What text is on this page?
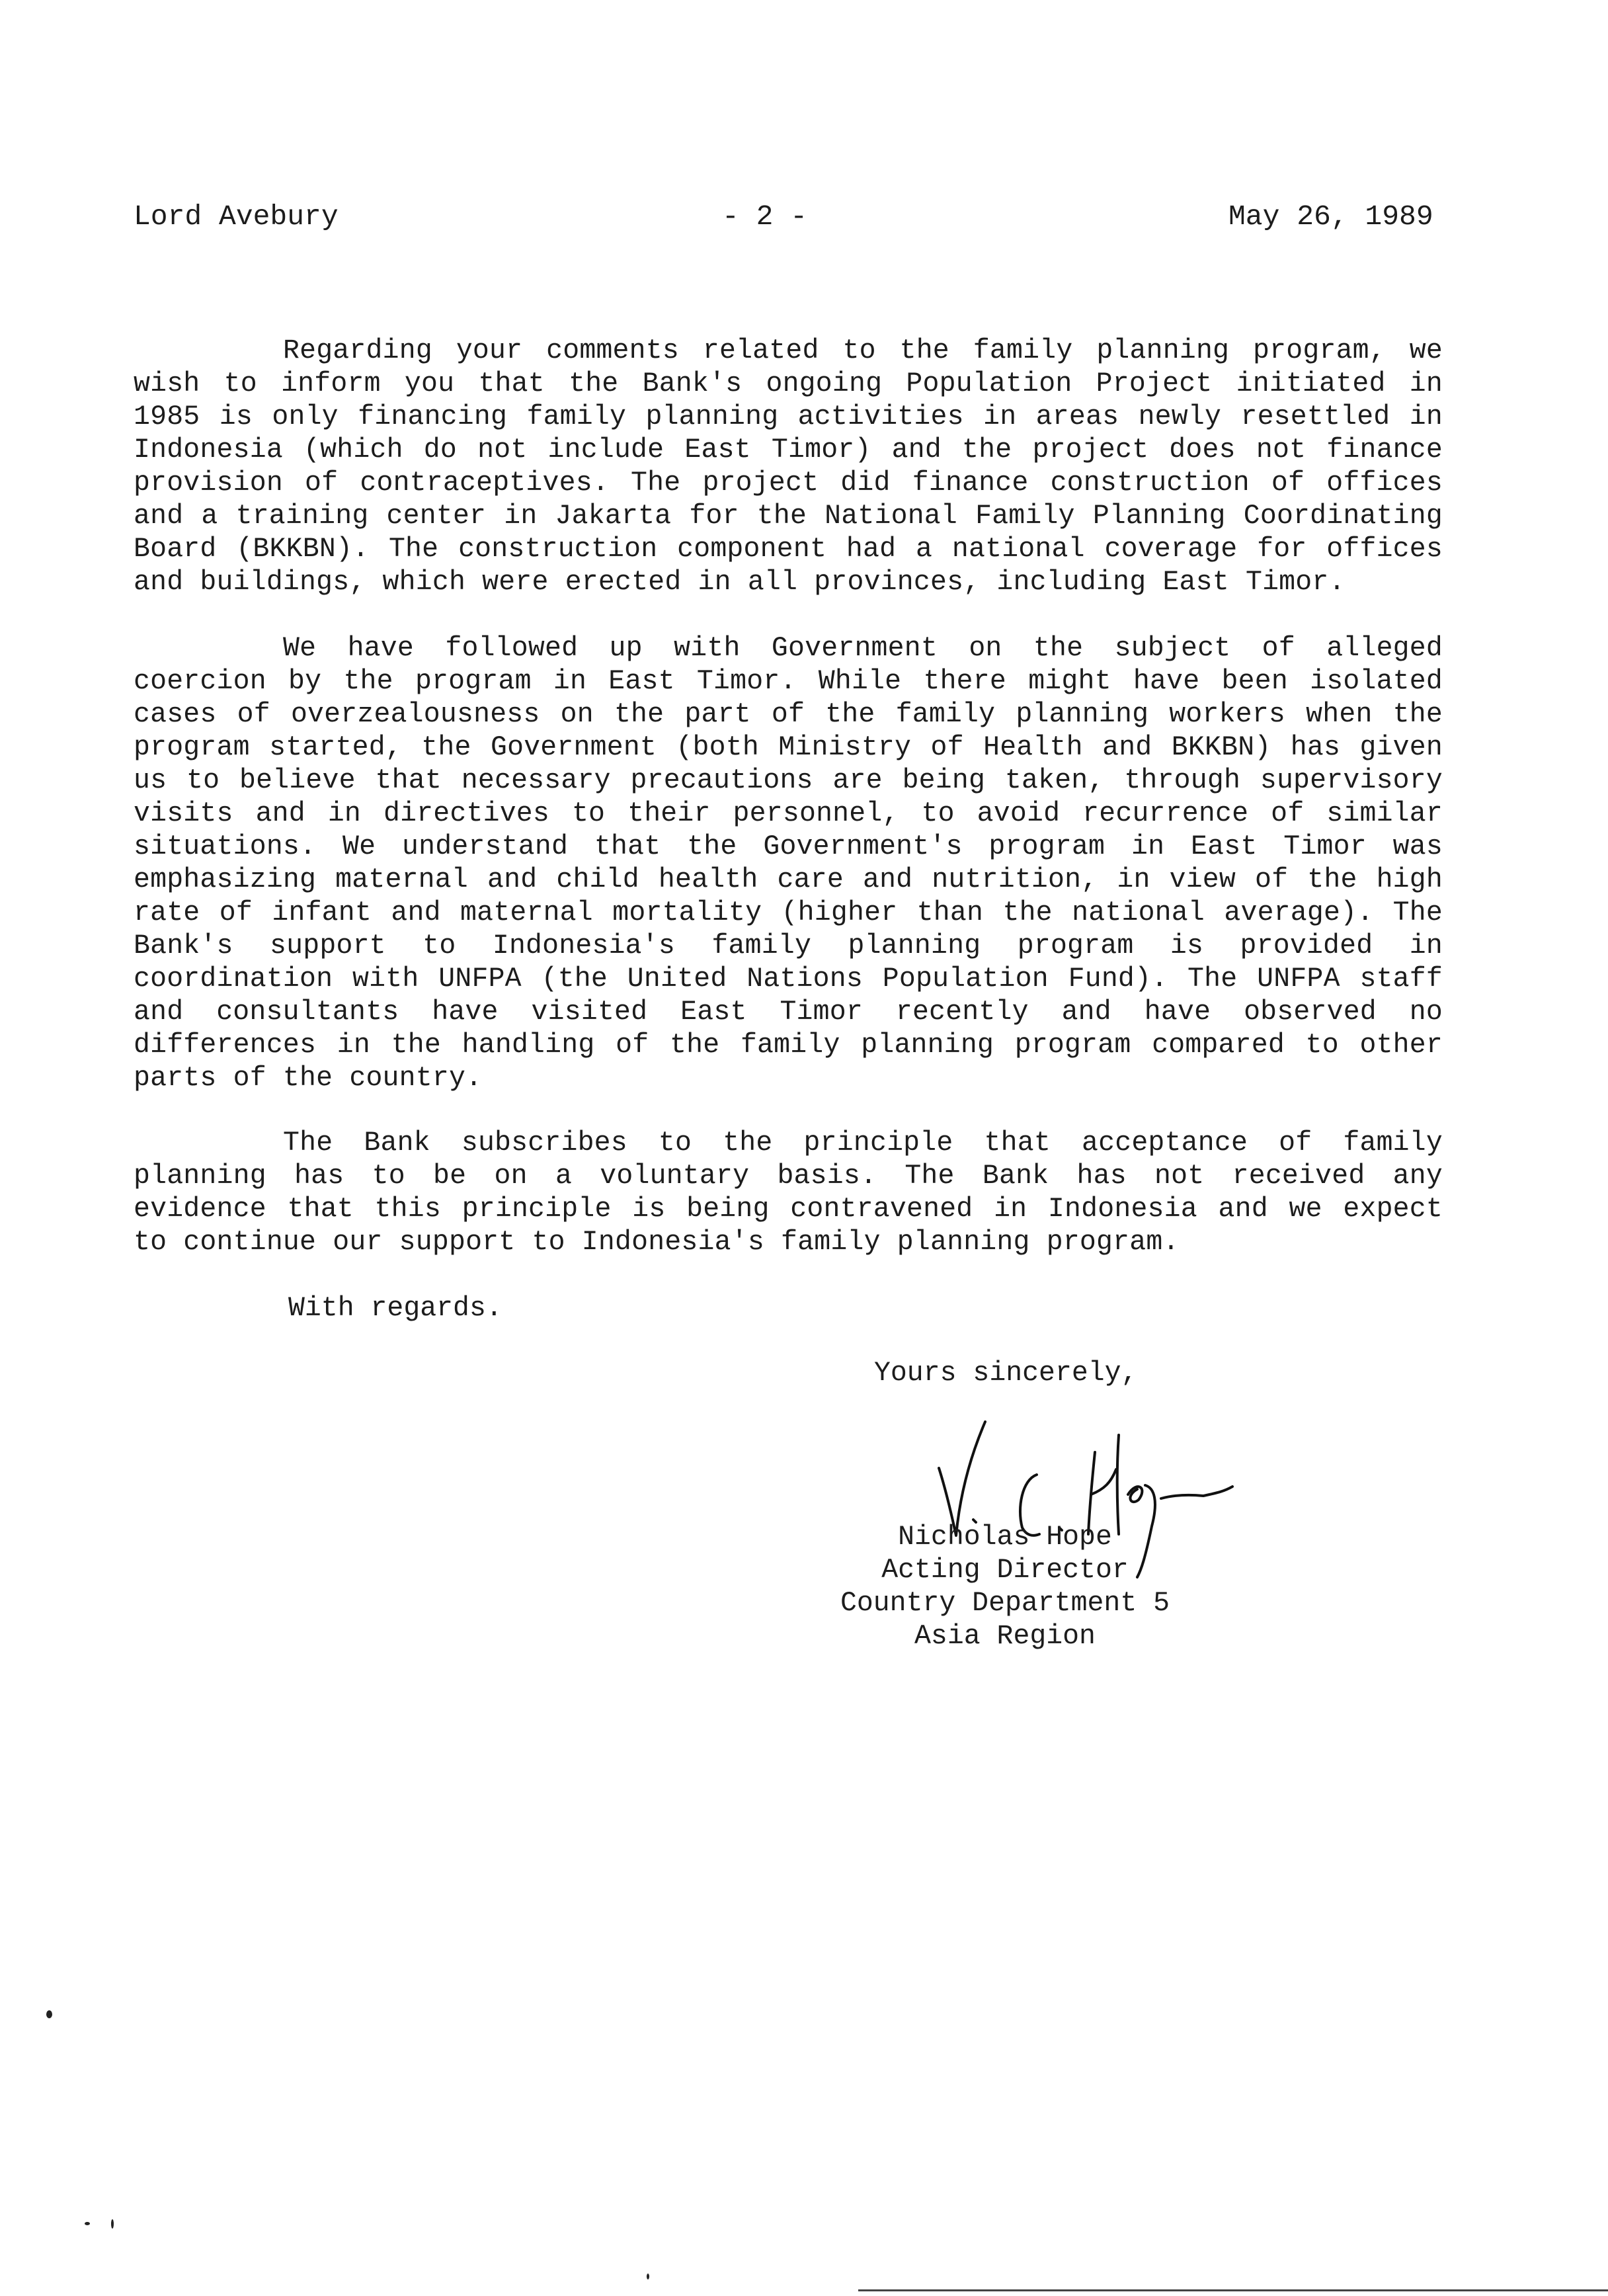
Lord Avebury	- 2 -	May 26, 1989

Regarding your comments related to the family planning program, we wish to inform you that the Bank's ongoing Population Project initiated in 1985 is only financing family planning activities in areas newly resettled in Indonesia (which do not include East Timor) and the project does not finance provision of contraceptives. The project did finance construction of offices and a training center in Jakarta for the National Family Planning Coordinating Board (BKKBN). The construction component had a national coverage for offices and buildings, which were erected in all provinces, including East Timor.

We have followed up with Government on the subject of alleged coercion by the program in East Timor. While there might have been isolated cases of overzealousness on the part of the family planning workers when the program started, the Government (both Ministry of Health and BKKBN) has given us to believe that necessary precautions are being taken, through supervisory visits and in directives to their personnel, to avoid recurrence of similar situations. We understand that the Government's program in East Timor was emphasizing maternal and child health care and nutrition, in view of the high rate of infant and maternal mortality (higher than the national average). The Bank's support to Indonesia's family planning program is provided in coordination with UNFPA (the United Nations Population Fund). The UNFPA staff and consultants have visited East Timor recently and have observed no differences in the handling of the family planning program compared to other parts of the country.

The Bank subscribes to the principle that acceptance of family planning has to be on a voluntary basis. The Bank has not received any evidence that this principle is being contravened in Indonesia and we expect to continue our support to Indonesia's family planning program.

With regards.
Yours sincerely,
Nicholas Hope
Acting Director
Country Department 5
Asia Region
